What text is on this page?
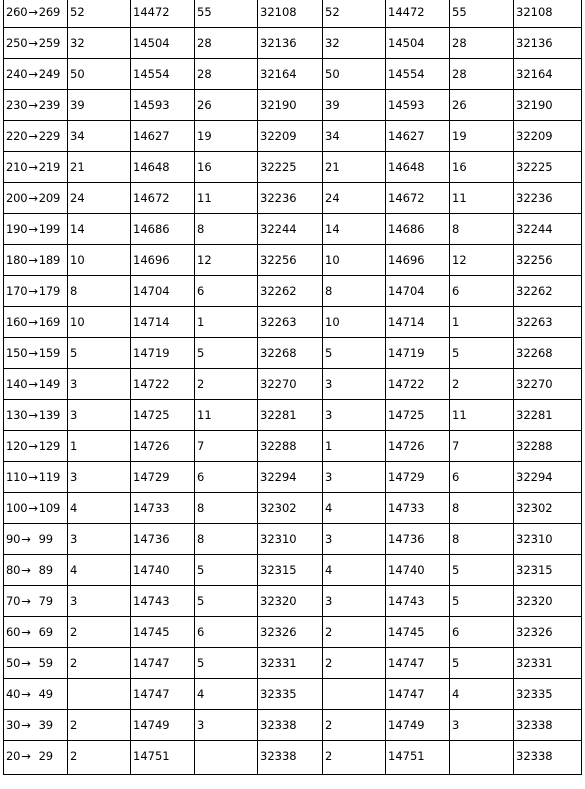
260 → 269	52	14472	55	32108	52	14472	55	32108

250 → 259	32	14504	28	32136	32	14504	28	32136

240 → 249	50	14554	28	32164	50	14554	28	32164

230 → 239	39	14593	26	32190	39	14593	26	32190

220 → 229	34	14627	19	32209	34	14627	19	32209

210 → 219	21	14648	16	32225	21	14648	16	32225

200 → 209	24	14672	11	32236	24	14672	11	32236

190 → 199	14	14686	8	32244	14	14686	8	32244

180 → 189	10	14696	12	32256	10	14696	12	32256

170 → 179	8	14704	6	32262	8	14704	6	32262

160 → 169	10	14714	1	32263	10	14714	1	32263

150 → 159	5	14719	5	32268	5	14719	5	32268

140 → 149	3	14722	2	32270	3	14722	2	32270

130 → 139	3	14725	11	32281	3	14725	11	32281

120 → 129	1	14726	7	32288	1	14726	7	32288

110 → 119	3	14729	6	32294	3	14729	6	32294

100 → 109	4	14733	8	32302	4	14733	8	32302

90 → 99	3	14736	8	32310	3	14736	8	32310

80 → 89	4	14740	5	32315	4	14740	5	32315

70 → 79	3	14743	5	32320	3	14743	5	32320

60 → 69	2	14745	6	32326	2	14745	6	32326

50 → 59	2	14747	5	32331	2	14747	5	32331

40 → 49		14747	4	32335		14747	4	32335

30 → 39	2	14749	3	32338	2	14749	3	32338

20 → 29	2	14751		32338	2	14751		32338
